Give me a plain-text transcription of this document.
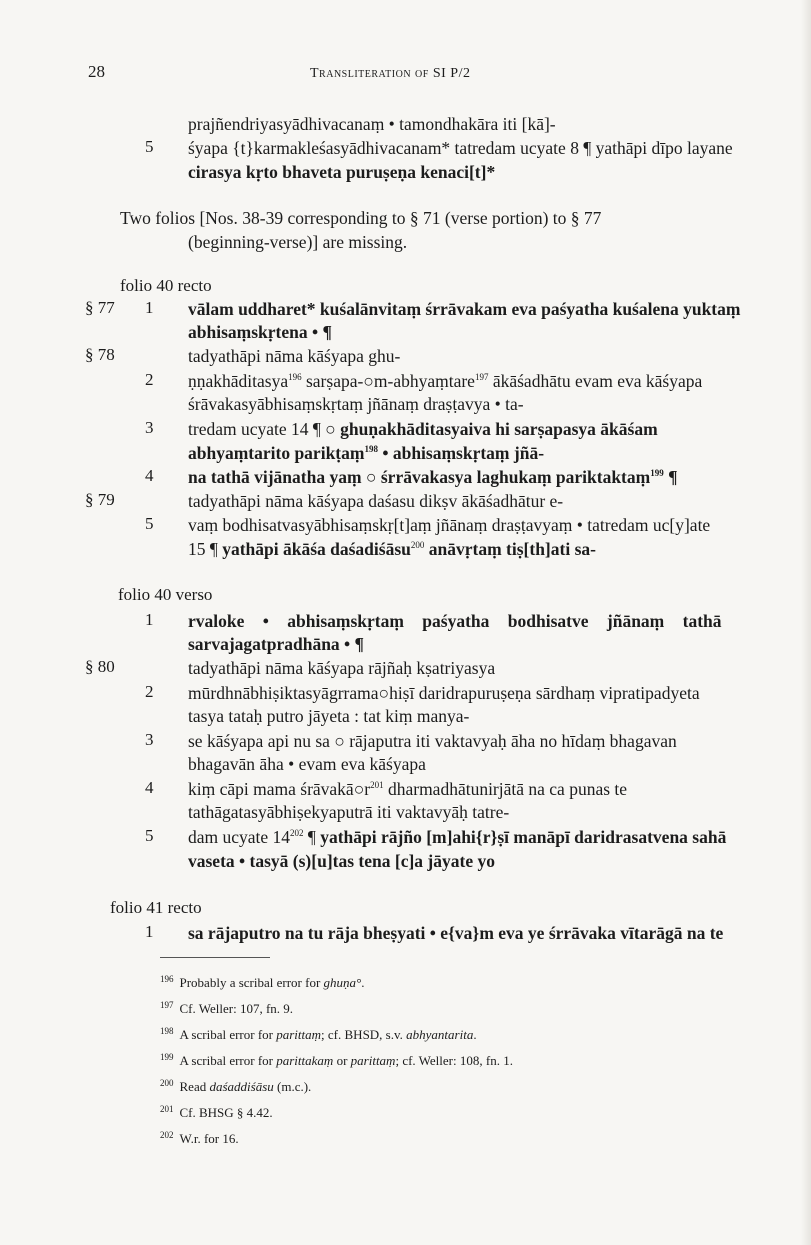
28	Transliteration of SI P/2
prajñendriyasyādhivacanaṃ • tamondhakāra iti [kā]-
5 śyapa {t}karmakleśasyādhivacanam* tatredam ucyate 8 ¶ yathāpi dīpo layane
cirasya kṛto bhaveta puruṣeṇa kenaci[t]*
Two folios [Nos. 38-39 corresponding to § 71 (verse portion) to § 77
(beginning-verse)] are missing.
folio 40 recto
§ 77 1 vālam uddharet* kuśalānvitaṃ śrrāvakam eva paśyatha kuśalena yuktaṃ
abhisaṃskṛtena • ¶
§ 78	tadyathāpi nāma kāśyapa ghu-
2 ṇṇakhāditasya$^{196}$ sarṣapa-○m-abhyaṃtare$^{197}$ ākāśadhātu evam eva kāśyapa
śrāvakasyābhisaṃskṛtaṃ jñānaṃ draṣṭavya • ta-
3 tredam ucyate 14 ¶ ○ ghuṇakhāditasyaiva hi sarṣapasya ākāśam
abhyaṃtarito parikṭaṃ$^{198}$ • abhisaṃskṛtaṃ jñā-
4 na tathā vijānatha yaṃ ○ śrrāvakasya laghukaṃ pariktaktaṃ$^{199}$ ¶
§ 79	tadyathāpi nāma kāśyapa daśasu dikṣv ākāśadhātur e-
5 vaṃ bodhisatvasyābhisaṃskṛ[t]aṃ jñānaṃ draṣṭavyaṃ • tatredam uc[y]ate
15 ¶ yathāpi ākāśa daśadiśāsu$^{200}$ anāvṛtaṃ tiṣ[th]ati sa-
folio 40 verso
1 rvaloke • abhisaṃskṛtaṃ paśyatha bodhisatve jñānaṃ tathā
sarvajagatpradhāna • ¶
§ 80	tadyathāpi nāma kāśyapa rājñaḥ kṣatriyasya
2 mūrdhnābhiṣiktasyāgrrama○hiṣī daridrapuruṣeṇa sārdhaṃ vipratipadyeta
tasya tataḥ putro jāyeta : tat kiṃ manya-
3 se kāśyapa api nu sa ○ rājaputra iti vaktavyaḥ āha no hīdaṃ bhagavan
bhagavān āha • evam eva kāśyapa
4 kiṃ cāpi mama $śrāvakā○r^{201}$ dharmadhātunirjātā na ca punas te
tathāgatasyābhiṣekyaputrā iti vaktavyāḥ tatre-
5 dam ucyate $14^{202}$ ¶ yathāpi rājño [m]ahi{r}ṣī manāpī daridrasatvena sahā
vaseta • tasyā (s)[u]tas tena [c]a jāyate yo
folio 41 recto
1 sa rājaputro na tu rāja bheṣyati • e{va}m eva ye śrrāvaka vītarāgā na te
$^{196}$ Probably a scribal error for ghuṇa°.
$^{197}$ Cf. Weller: 107, fn. 9.
$^{198}$ A scribal error for parittaṃ; cf. BHSD, s.v. abhyantarita.
$^{199}$ A scribal error for parittakaṃ or parittaṃ; cf. Weller: 108, fn. 1.
$^{200}$ Read daśaddiśāsu (m.c.).
$^{201}$ Cf. BHSG § 4.42.
$^{202}$ W.r. for 16.
